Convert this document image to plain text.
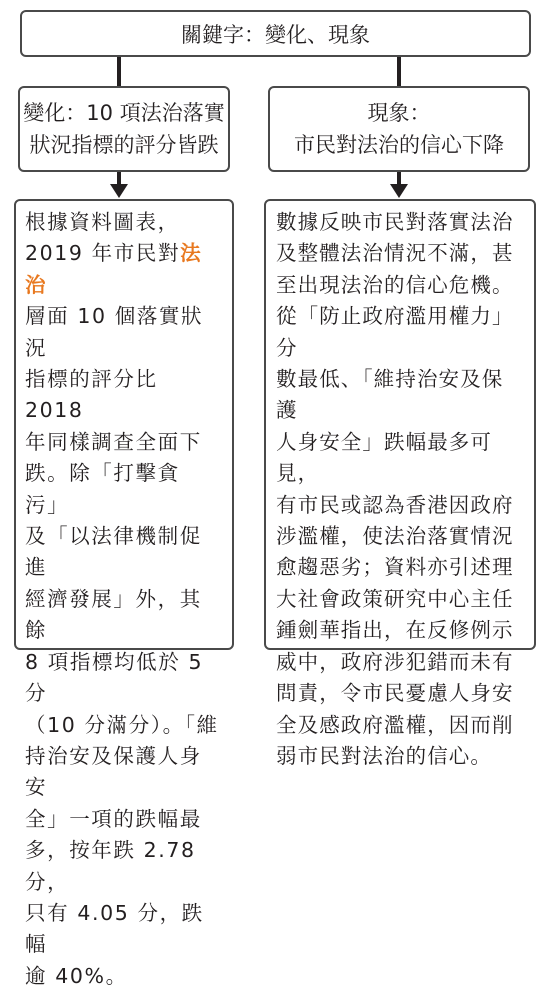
關鍵字：變化、現象
變化：10 項法治落實
狀況指標的評分皆跌
現象：
市民對法治的信心下降

根據資料圖表，
2019 年市民對法治
層面 10 個落實狀況
指標的評分比 2018
年同樣調查全面下
跌。除「打擊貪污」
及「以法律機制促進
經濟發展」外，其餘
8 項指標均低於 5 分
（10 分滿分）。「維
持治安及保護人身安
全」一項的跌幅最
多，按年跌 2.78 分，
只有 4.05 分，跌幅
逾 40%。

數據反映市民對落實法治
及整體法治情況不滿，甚
至出現法治的信心危機。
從「防止政府濫用權力」分
數最低、「維持治安及保護
人身安全」跌幅最多可見，
有市民或認為香港因政府
涉濫權，使法治落實情況
愈趨惡劣；資料亦引述理
大社會政策研究中心主任
鍾劍華指出，在反修例示
威中，政府涉犯錯而未有
問責，令市民憂慮人身安
全及感政府濫權，因而削
弱市民對法治的信心。
